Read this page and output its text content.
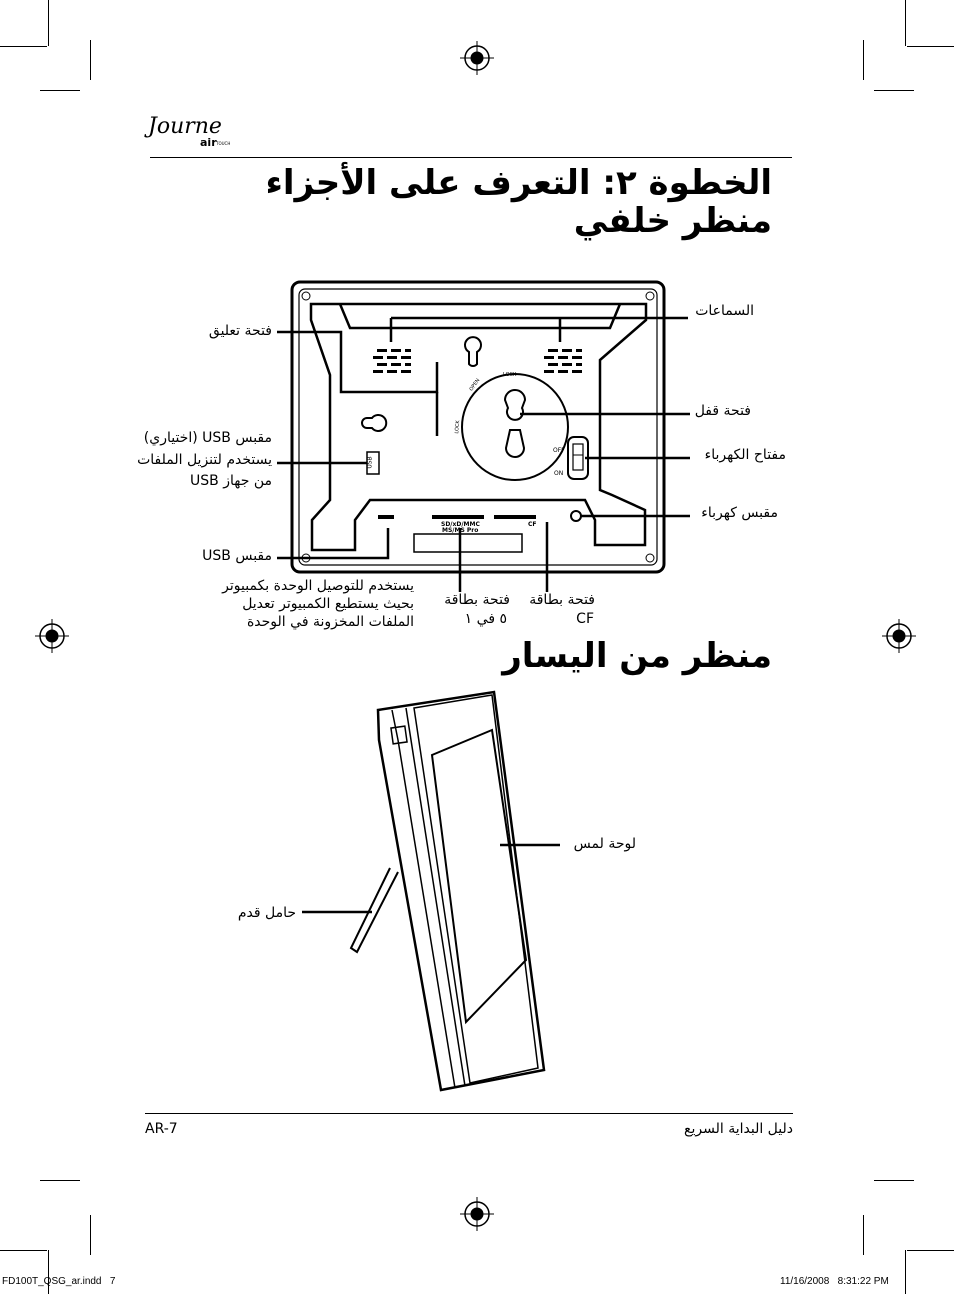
Journe
air TOUCH
الخطوة ٢: التعرف على الأجزاء
منظر خلفي
LOCK
OPEN
LOCK
OFF
ON
USB
SD/xD/MMC
MS/MS Pro
CF
السماعات
فتحة تعليق
فتحة قفل
مفتاح الكهرباء
مقبس USB (اختياري)
يستخدم لتنزيل الملفات
من جهاز USB
مقبس كهرباء
مقبس USB
يستخدم للتوصيل الوحدة بكمبيوتر
بحيث يستطيع الكمبيوتر تعديل
الملفات المخزونة في الوحدة
فتحة بطاقة
٥ في ١
فتحة بطاقة
CF
منظر من اليسار
لوحة لمس
حامل قدم
AR-7	دليل البداية السريع
FD100T_QSG_ar.indd   7	11/16/2008   8:31:22 PM
